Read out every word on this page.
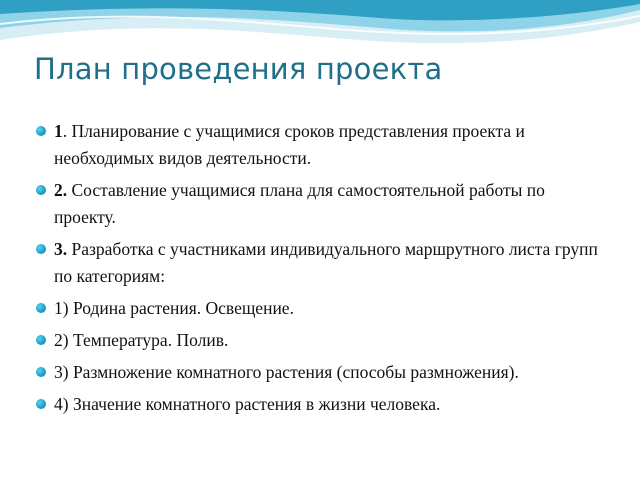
План проведения проекта
1. Планирование с учащимися сроков представления проекта и необходимых видов деятельности.
2. Составление учащимися плана для самостоятельной работы по проекту.
3. Разработка с участниками индивидуального маршрутного листа групп по категориям:
1) Родина растения. Освещение.
2) Температура. Полив.
3) Размножение комнатного растения (способы размножения).
4) Значение комнатного растения в жизни человека.
